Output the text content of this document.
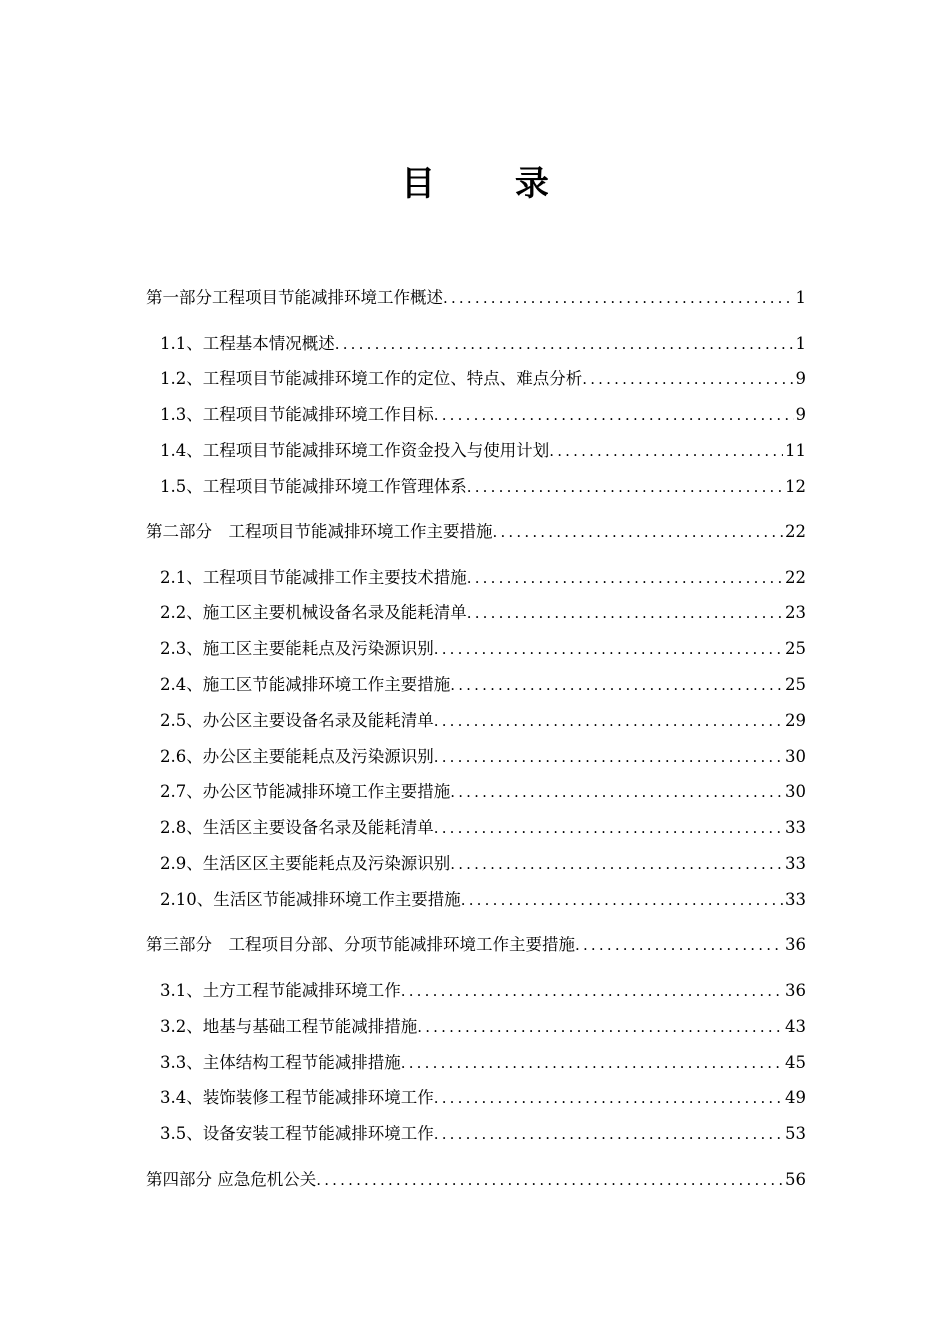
目 录
第一部分工程项目节能减排环境工作概述 .....	1
1.1、工程基本情况概述 .....	1
1.2、工程项目节能减排环境工作的定位、特点、难点分析 .....	9
1.3、工程项目节能减排环境工作目标 .....	9
1.4、工程项目节能减排环境工作资金投入与使用计划 .....	11
1.5、工程项目节能减排环境工作管理体系 .....	12
第二部分　工程项目节能减排环境工作主要措施 .....	22
2.1、工程项目节能减排工作主要技术措施 .....	22
2.2、施工区主要机械设备名录及能耗清单 .....	23
2.3、施工区主要能耗点及污染源识别 .....	25
2.4、施工区节能减排环境工作主要措施 .....	25
2.5、办公区主要设备名录及能耗清单 .....	29
2.6、办公区主要能耗点及污染源识别 .....	30
2.7、办公区节能减排环境工作主要措施 .....	30
2.8、生活区主要设备名录及能耗清单 .....	33
2.9、生活区区主要能耗点及污染源识别 .....	33
2.10、生活区节能减排环境工作主要措施 .....	33
第三部分　工程项目分部、分项节能减排环境工作主要措施 .....	36
3.1、土方工程节能减排环境工作 .....	36
3.2、地基与基础工程节能减排措施 .....	43
3.3、主体结构工程节能减排措施 .....	45
3.4、装饰装修工程节能减排环境工作 .....	49
3.5、设备安装工程节能减排环境工作 .....	53
第四部分 应急危机公关 .....	56
